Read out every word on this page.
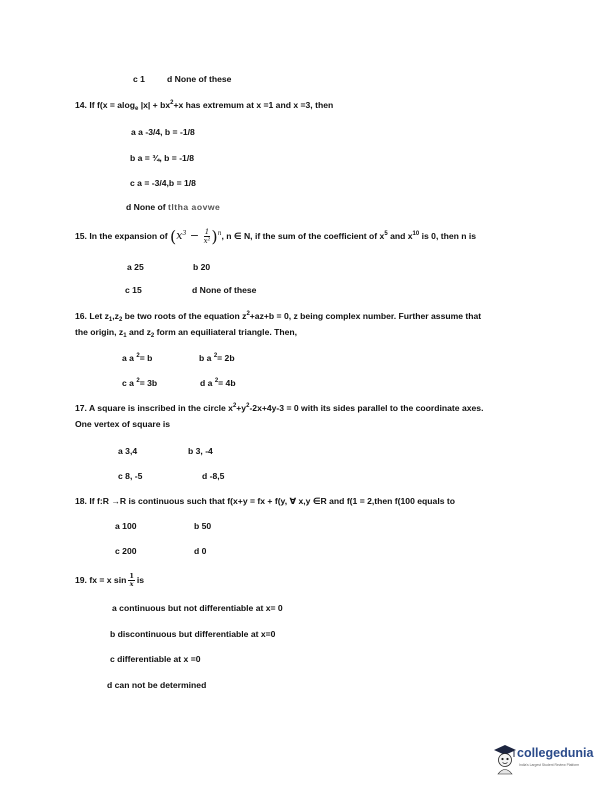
c 1	d None of these
14. If f(x = alog$_e$ $|x| + bx^2+x$ has extremum at x =1 and x =3, then
a a -3/4, b = -1/8
b a = ¾, b = -1/8
c a = -3/4,b = 1/8
d None of tltha aovwe
15. In the expansion of $(x^3 - \frac{1}{\text{x²}} )^n$, n ∈ N, if the sum of the coefficient of $x^5$ and $x^{10}$ is 0, then n is
a 25	b 20
c 15	d None of these
16. Let $z_1,z_2$ be two roots of the equation $z^2+az+b = 0$, z being complex number. Further assume that
the origin, $z_1$ and $z_2$ form an equiliateral triangle. Then,
a a $^2$= b	b a $^2$= 2b
c a $^2$= 3b	d a $^2$= 4b
17. A square is inscribed in the circle $x^2+y^2-2x+4y-3 = 0$ with its sides parallel to the coordinate axes.
One vertex of square is
a 3,4	b 3, -4
c 8, -5	d -8,5
18. If f:R →R is continuous such that f(x+y = fx + f(y, ∀ x,y ∈R and f(1 = 2,then f(100 equals to
a 100	b 50
c 200	d 0
19. fx = x $\sin \frac{1}{x}$ is
a continuous but not differentiable at x= 0
b discontinuous but differentiable at x=0
c differentiable at x =0
d can not be determined
collegedunia
India's Largest Student Review Platform
